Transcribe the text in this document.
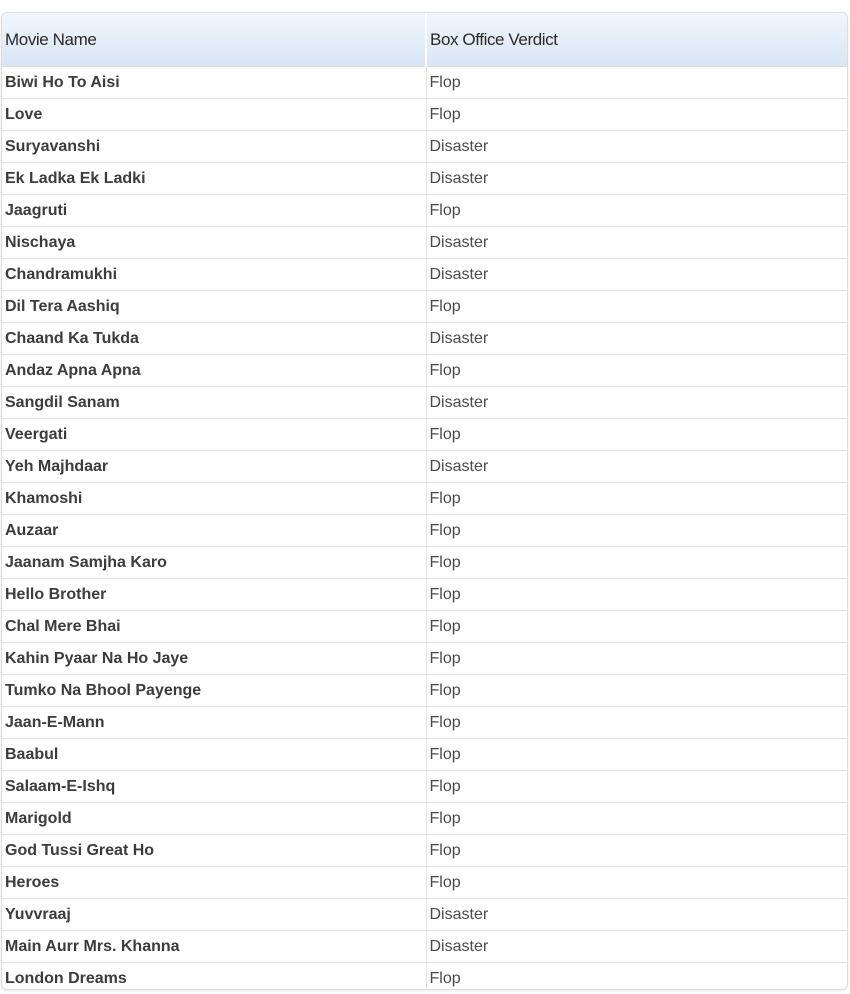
Movie Name	Box Office Verdict
Biwi Ho To Aisi	Flop
Love	Flop
Suryavanshi	Disaster
Ek Ladka Ek Ladki	Disaster
Jaagruti	Flop
Nischaya	Disaster
Chandramukhi	Disaster
Dil Tera Aashiq	Flop
Chaand Ka Tukda	Disaster
Andaz Apna Apna	Flop
Sangdil Sanam	Disaster
Veergati	Flop
Yeh Majhdaar	Disaster
Khamoshi	Flop
Auzaar	Flop
Jaanam Samjha Karo	Flop
Hello Brother	Flop
Chal Mere Bhai	Flop
Kahin Pyaar Na Ho Jaye	Flop
Tumko Na Bhool Payenge	Flop
Jaan-E-Mann	Flop
Baabul	Flop
Salaam-E-Ishq	Flop
Marigold	Flop
God Tussi Great Ho	Flop
Heroes	Flop
Yuvvraaj	Disaster
Main Aurr Mrs. Khanna	Disaster
London Dreams	Flop
